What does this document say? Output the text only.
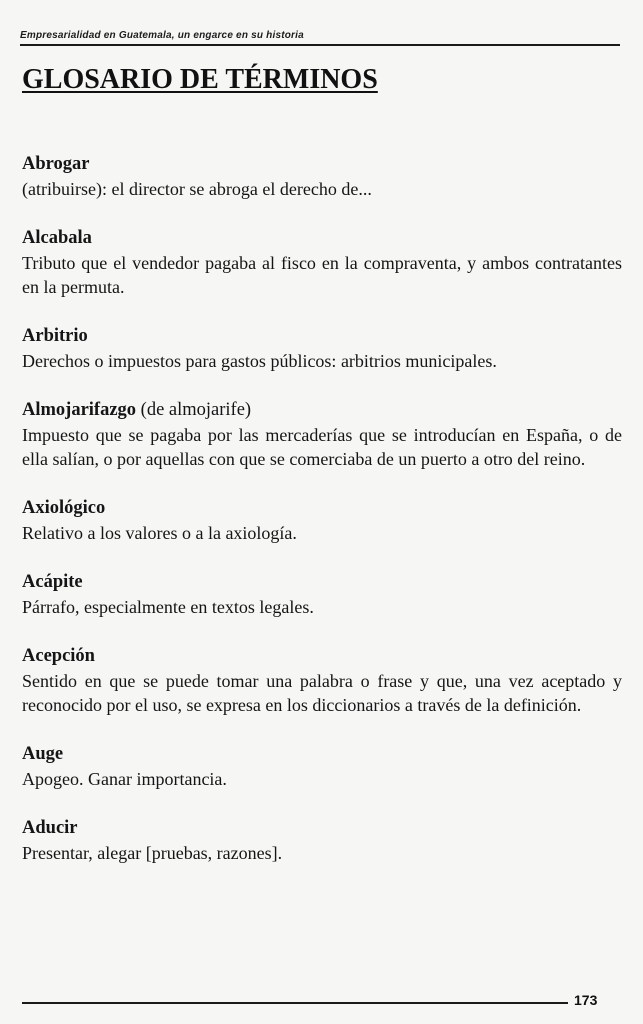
Empresarialidad en Guatemala, un engarce en su historia
GLOSARIO DE TÉRMINOS
Abrogar

(atribuirse): el director se abroga el derecho de...

Alcabala

Tributo que el vendedor pagaba al fisco en la compraventa, y ambos contratantes en la permuta.

Arbitrio

Derechos o impuestos para gastos públicos: arbitrios municipales.

Almojarifazgo (de almojarife)

Impuesto que se pagaba por las mercaderías que se introducían en España, o de ella salían, o por aquellas con que se comerciaba de un puerto a otro del reino.

Axiológico

Relativo a los valores o a la axiología.

Acápite

Párrafo, especialmente en textos legales.

Acepción

Sentido en que se puede tomar una palabra o frase y que, una vez aceptado y reconocido por el uso, se expresa en los diccionarios a través de la definición.

Auge

Apogeo. Ganar importancia.

Aducir

Presentar, alegar [pruebas, razones].

173
